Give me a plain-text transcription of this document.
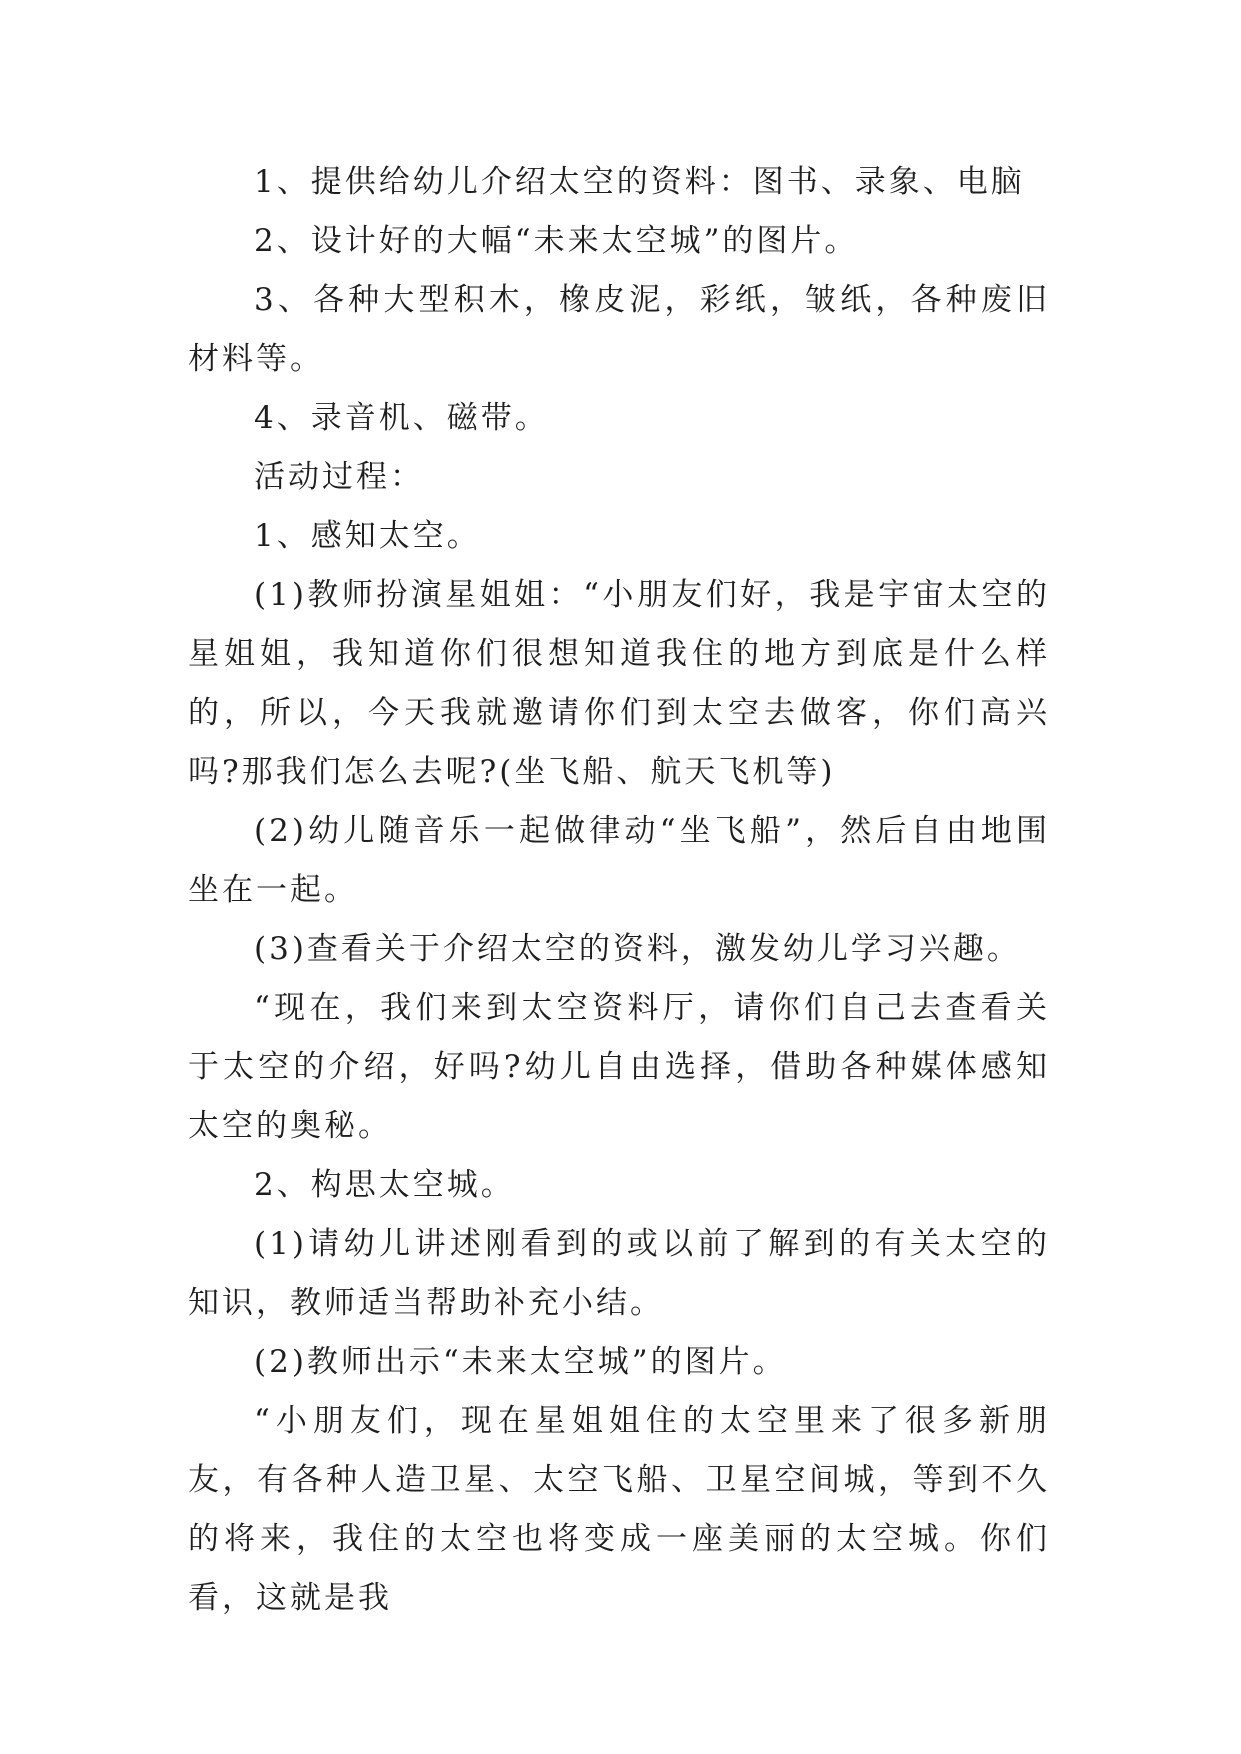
1、提供给幼儿介绍太空的资料：图书、录象、电脑

2、设计好的大幅“未来太空城”的图片。

3、各种大型积木，橡皮泥，彩纸，皱纸，各种废旧材料等。

4、录音机、磁带。

活动过程：

1、感知太空。

(1)教师扮演星姐姐：“小朋友们好，我是宇宙太空的星姐姐，我知道你们很想知道我住的地方到底是什么样的，所以，今天我就邀请你们到太空去做客，你们高兴吗?那我们怎么去呢?(坐飞船、航天飞机等)

(2)幼儿随音乐一起做律动“坐飞船”，然后自由地围坐在一起。

(3)查看关于介绍太空的资料，激发幼儿学习兴趣。

“现在，我们来到太空资料厅，请你们自己去查看关于太空的介绍，好吗?幼儿自由选择，借助各种媒体感知太空的奥秘。

2、构思太空城。

(1)请幼儿讲述刚看到的或以前了解到的有关太空的知识，教师适当帮助补充小结。

(2)教师出示“未来太空城”的图片。

“小朋友们，现在星姐姐住的太空里来了很多新朋友，有各种人造卫星、太空飞船、卫星空间城，等到不久的将来，我住的太空也将变成一座美丽的太空城。你们看，这就是我
